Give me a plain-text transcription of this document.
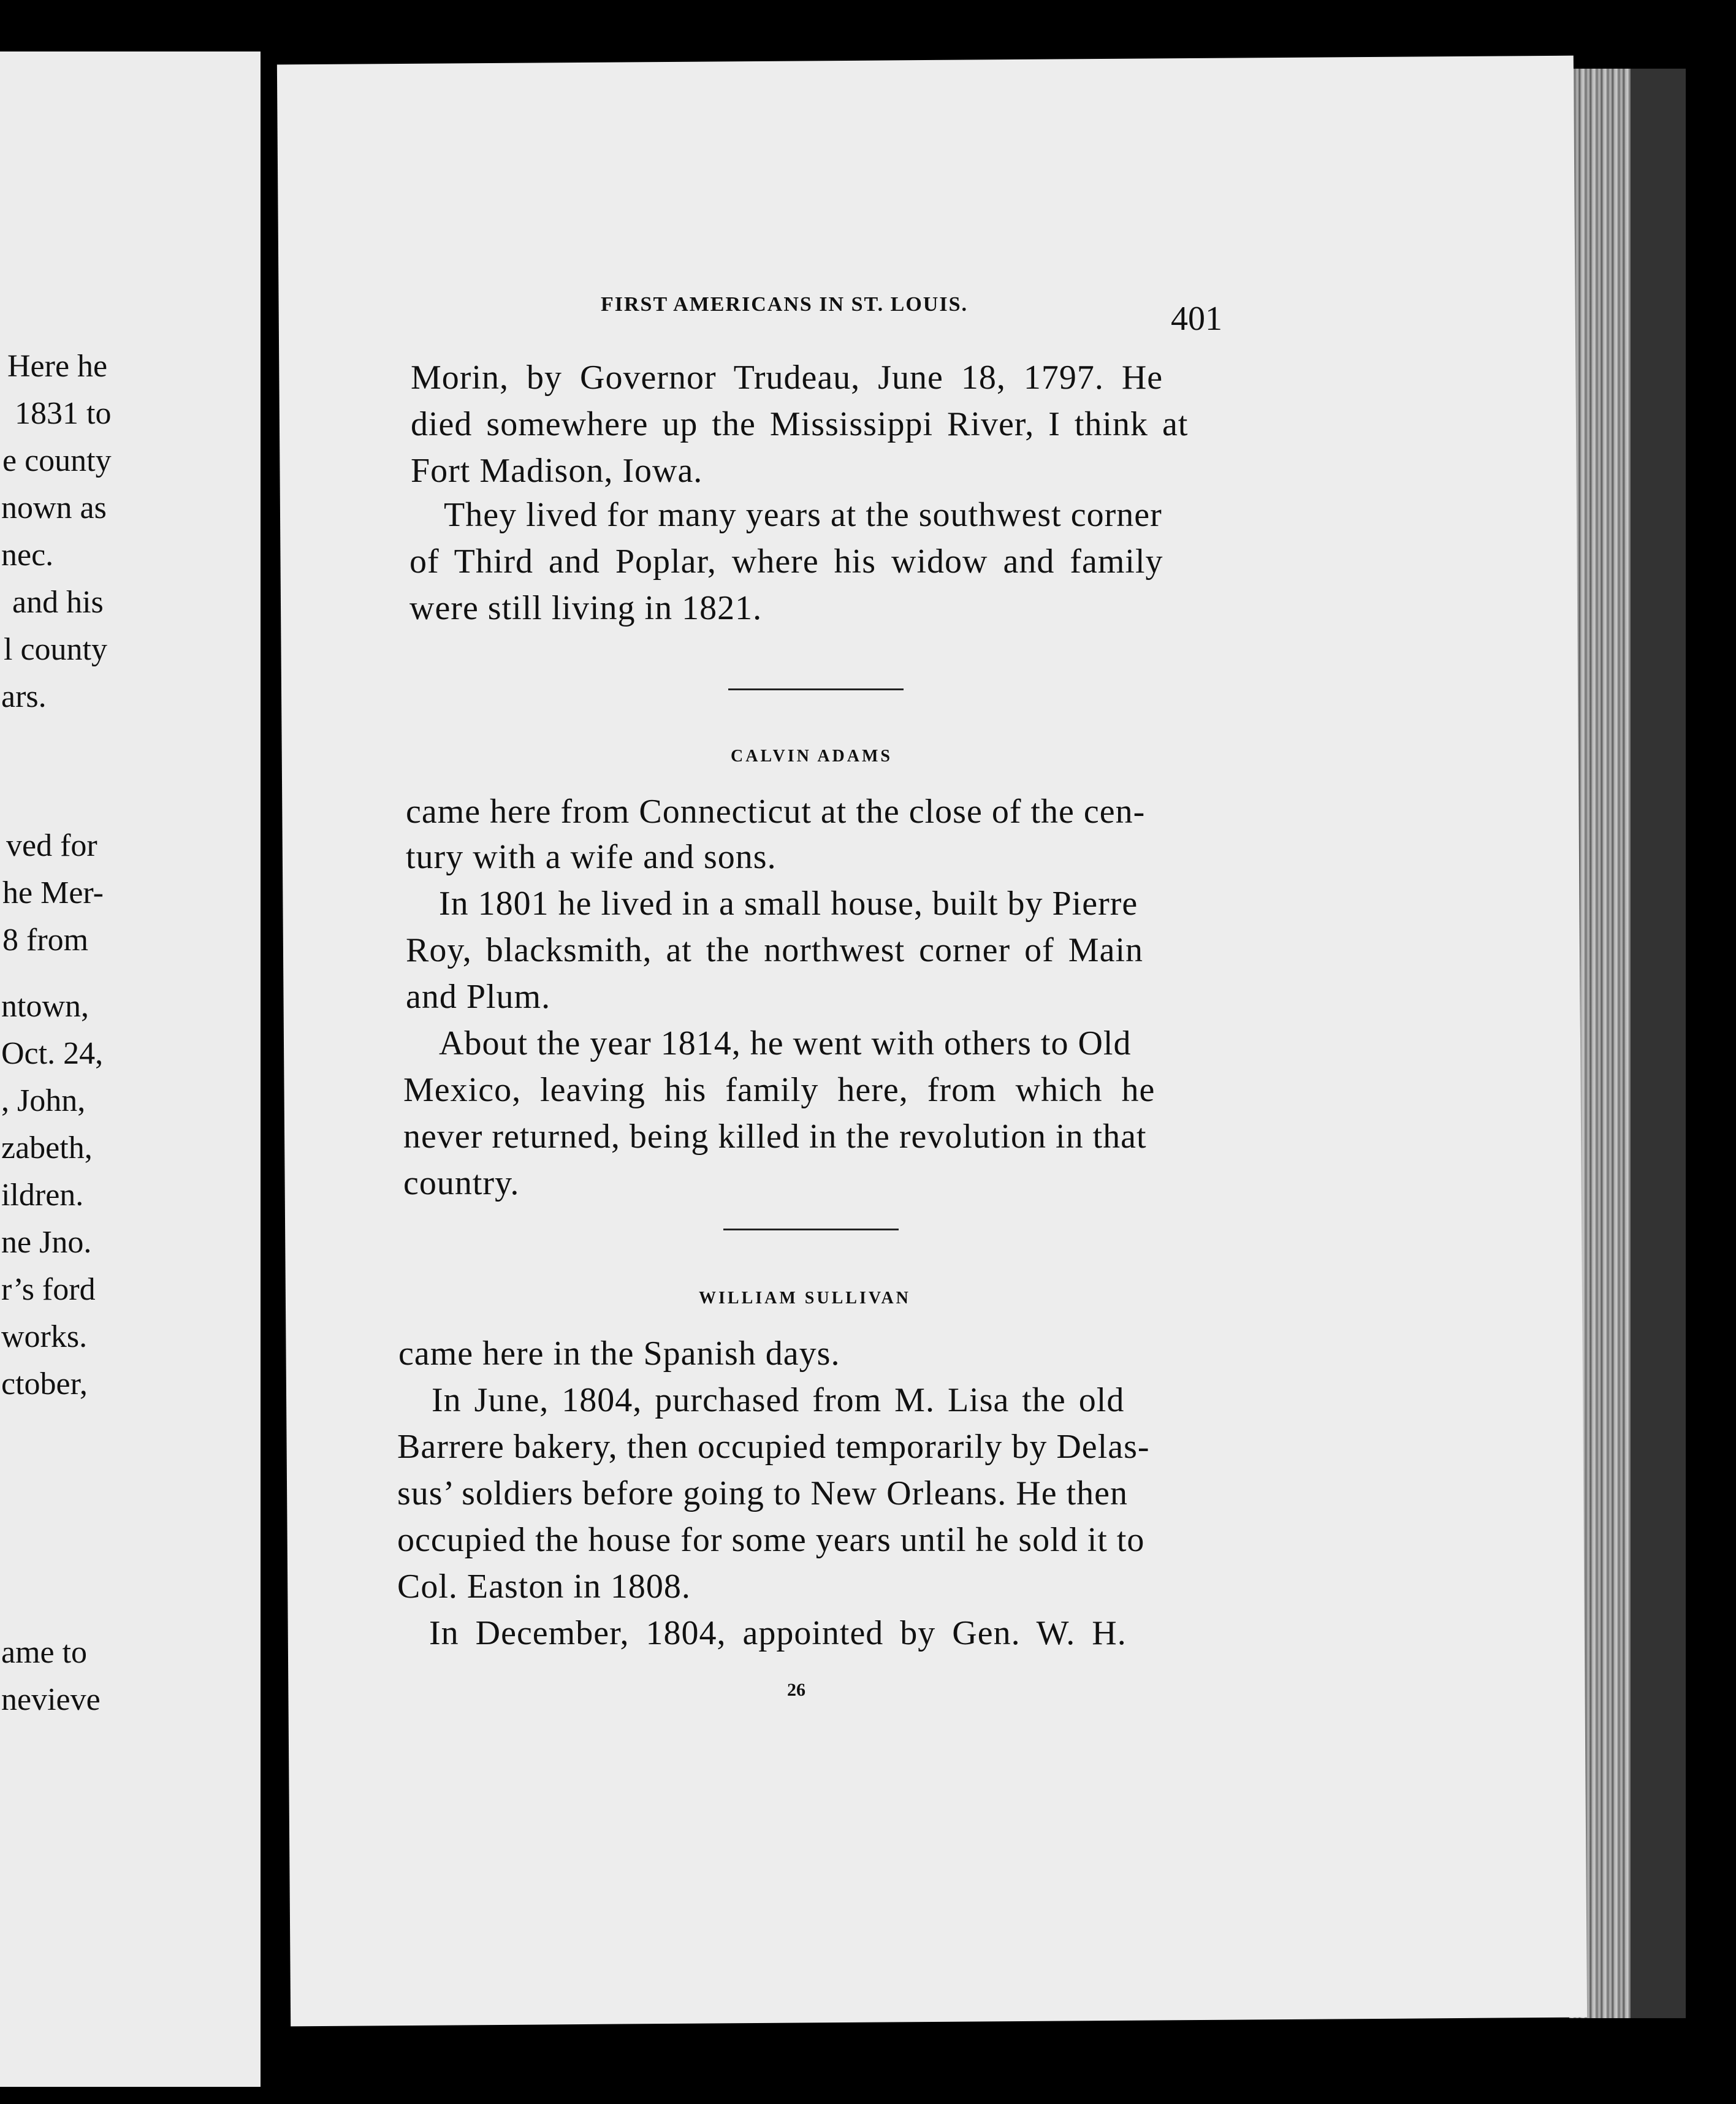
Here he
1831 to
e county
nown as
nec.
and his
l county
ars.
ved for
he Mer-
8 from
ntown,
Oct. 24,
, John,
zabeth,
ildren.
ne Jno.
r’s ford
works.
ctober,
ame to
nevieve
FIRST AMERICANS IN ST. LOUIS.	401
Morin, by Governor Trudeau, June 18, 1797. He
died somewhere up the Mississippi River, I think at
Fort Madison, Iowa.
They lived for many years at the southwest corner
of Third and Poplar, where his widow and family
were still living in 1821.
CALVIN ADAMS
came here from Connecticut at the close of the cen-
tury with a wife and sons.
In 1801 he lived in a small house, built by Pierre
Roy, blacksmith, at the northwest corner of Main
and Plum.
About the year 1814, he went with others to Old
Mexico, leaving his family here, from which he
never returned, being killed in the revolution in that
country.
WILLIAM SULLIVAN
came here in the Spanish days.
In June, 1804, purchased from M. Lisa the old
Barrere bakery, then occupied temporarily by Delas-
sus’ soldiers before going to New Orleans. He then
occupied the house for some years until he sold it to
Col. Easton in 1808.
In December, 1804, appointed by Gen. W. H.
26
